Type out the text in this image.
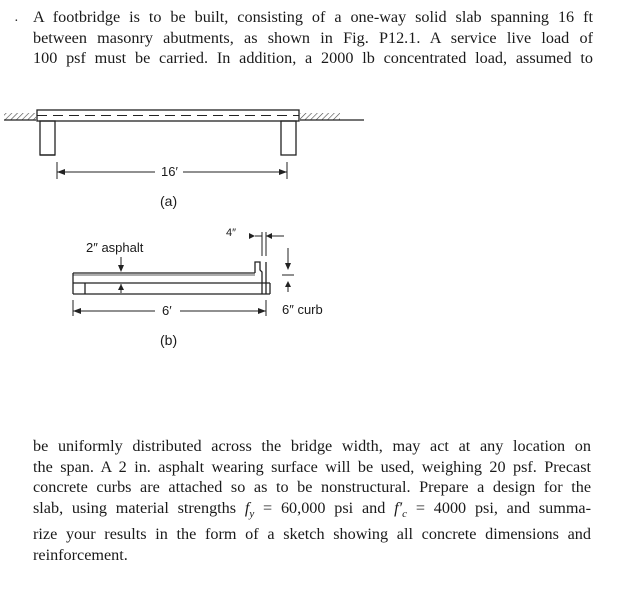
· A footbridge is to be built, consisting of a one-way solid slab spanning 16 ft
between masonry abutments, as shown in Fig. P12.1. A service live load of
100 psf must be carried. In addition, a 2000 lb concentrated load, assumed to

16′
(a)
2″ asphalt
4″
6′	6″ curb
(b)

be uniformly distributed across the bridge width, may act at any location on
the span. A 2 in. asphalt wearing surface will be used, weighing 20 psf. Precast
concrete curbs are attached so as to be nonstructural. Prepare a design for the
slab, using material strengths $f_y = 60,000$ psi and $f'_c = 4000$ psi, and summa-
rize your results in the form of a sketch showing all concrete dimensions and
reinforcement.
